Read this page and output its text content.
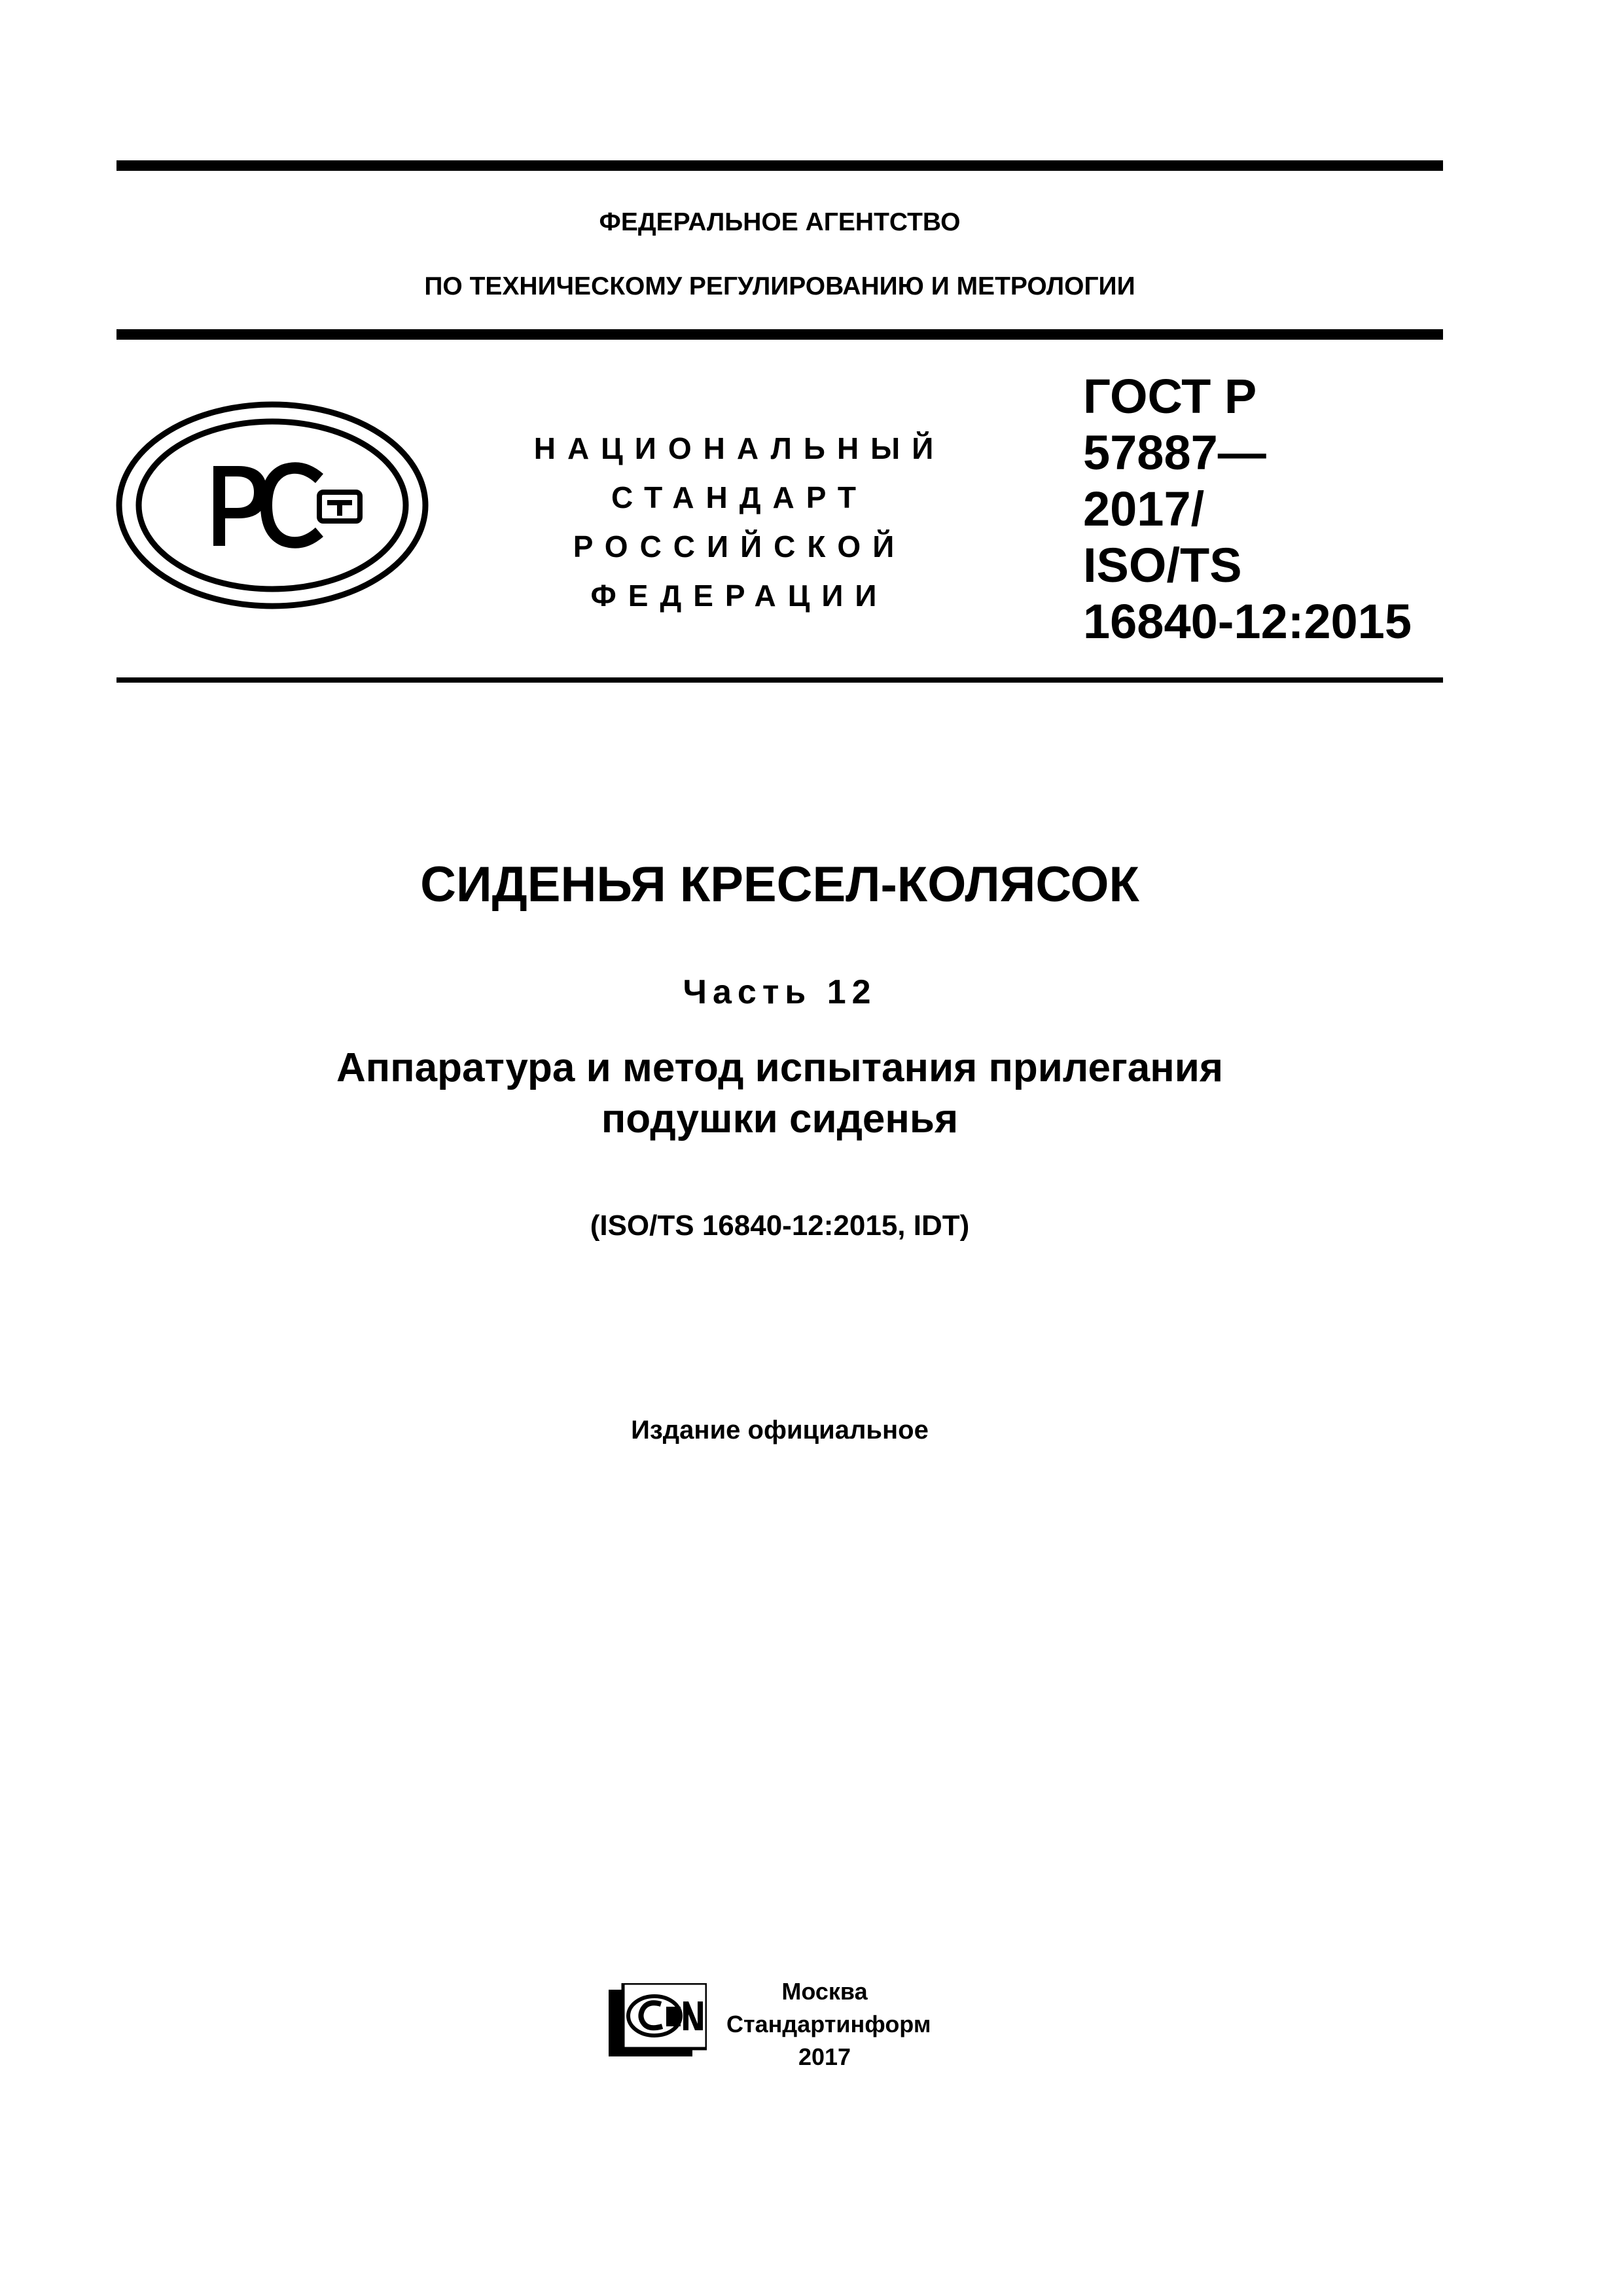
ФЕДЕРАЛЬНОЕ АГЕНТСТВО
ПО ТЕХНИЧЕСКОМУ РЕГУЛИРОВАНИЮ И МЕТРОЛОГИИ
НАЦИОНАЛЬНЫЙ
СТАНДАРТ
РОССИЙСКОЙ
ФЕДЕРАЦИИ
ГОСТ Р
57887—
2017/
ISO/TS
16840-12:2015
СИДЕНЬЯ КРЕСЕЛ-КОЛЯСОК
Часть 12
Аппаратура и метод испытания прилегания
подушки сиденья
(ISO/TS 16840-12:2015, IDT)
Издание официальное
Москва
Стандартинформ
2017
